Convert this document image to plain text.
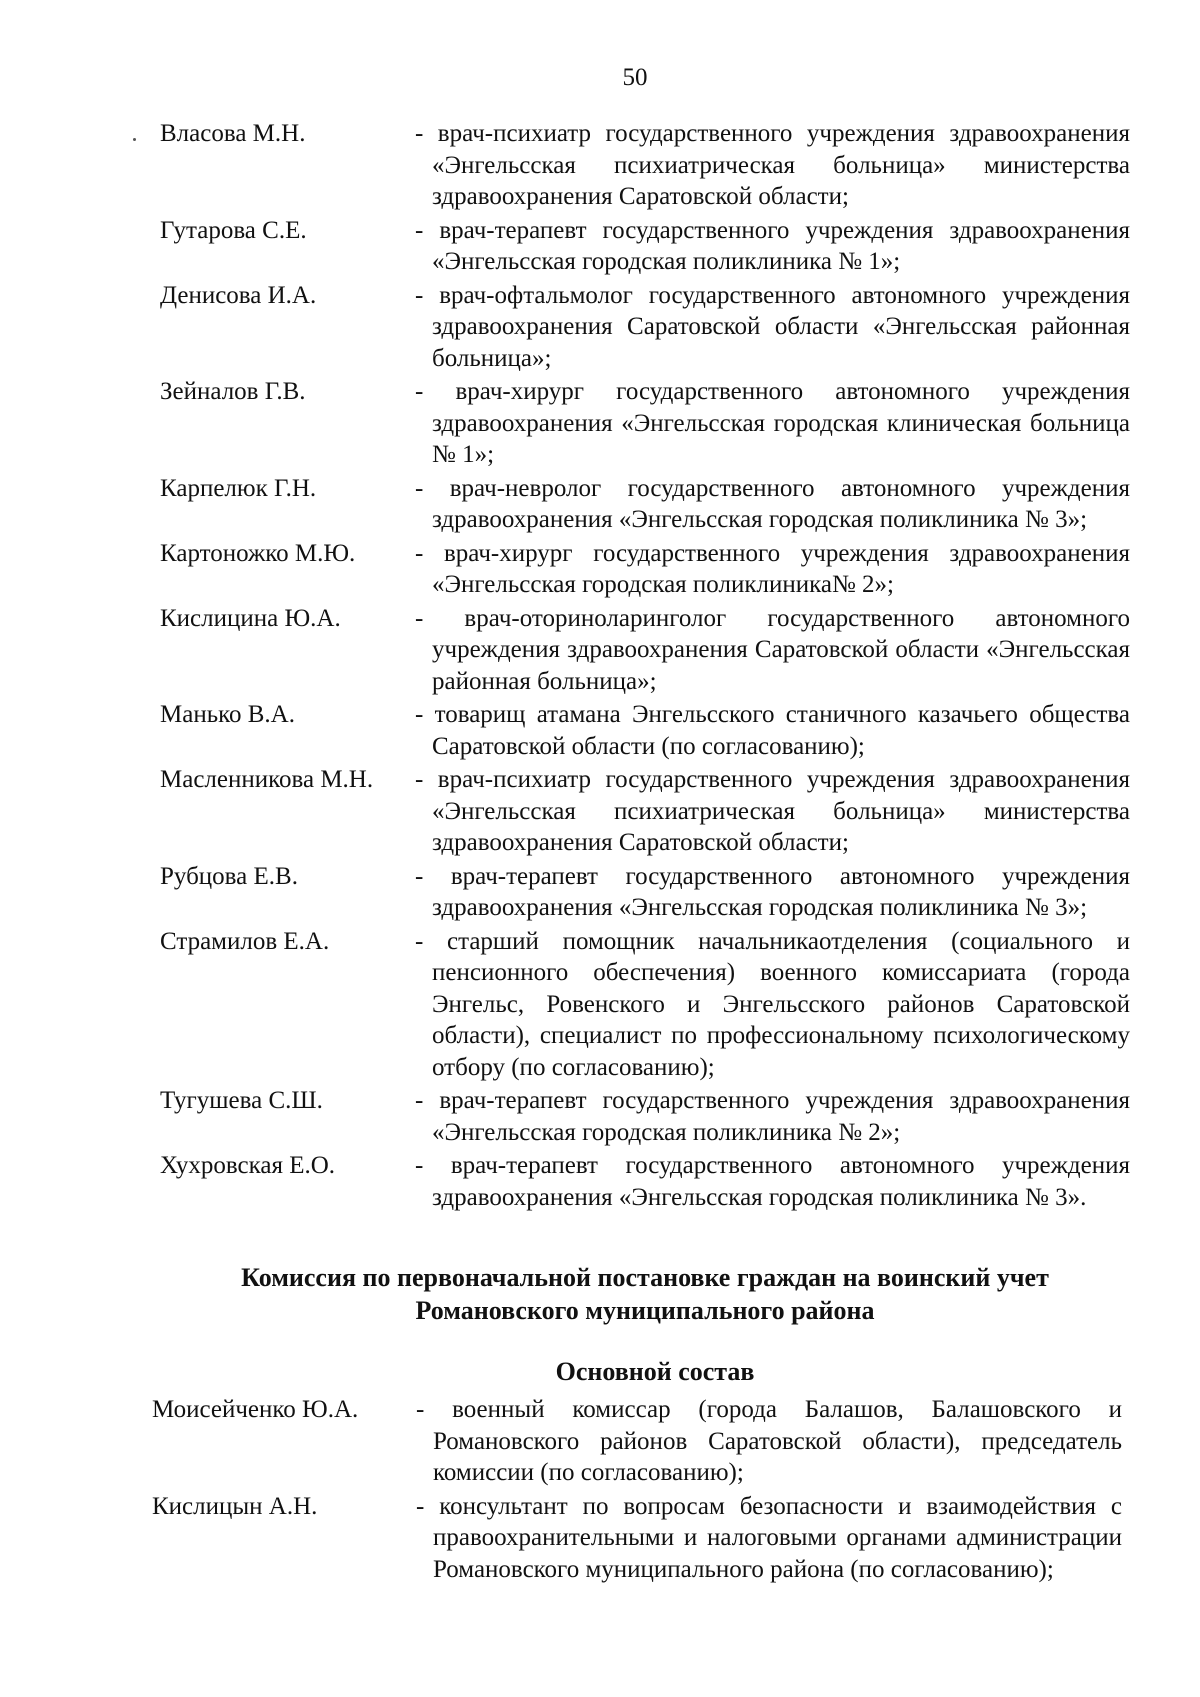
50
Власова М.Н.	- врач-психиатр государственного учреждения здравоохранения «Энгельсская психиатрическая больница» министерства здравоохранения Саратовской области;
Гутарова С.Е.	- врач-терапевт государственного учреждения здравоохранения «Энгельсская городская поликлиника № 1»;
Денисова И.А.	- врач-офтальмолог государственного автономного учреждения здравоохранения Саратовской области «Энгельсская районная больница»;
Зейналов Г.В.	- врач-хирург государственного автономного учреждения здравоохранения «Энгельсская городская клиническая больница № 1»;
Карпелюк Г.Н.	- врач-невролог государственного автономного учреждения здравоохранения «Энгельсская городская поликлиника № 3»;
Картоножко М.Ю.	- врач-хирург государственного учреждения здравоохранения «Энгельсская городская поликлиника№ 2»;
Кислицина Ю.А.	- врач-оториноларинголог государственного автономного учреждения здравоохранения Саратовской области «Энгельсская районная больница»;
Манько В.А.	- товарищ атамана Энгельсского станичного казачьего общества Саратовской области (по согласованию);
Масленникова М.Н.	- врач-психиатр государственного учреждения здравоохранения «Энгельсская психиатрическая больница» министерства здравоохранения Саратовской области;
Рубцова Е.В.	- врач-терапевт государственного автономного учреждения здравоохранения «Энгельсская городская поликлиника № 3»;
Страмилов Е.А.	- старший помощник начальникаотделения (социального и пенсионного обеспечения) военного комиссариата (города Энгельс, Ровенского и Энгельсского районов Саратовской области), специалист по профессиональному психологическому отбору (по согласованию);
Тугушева С.Ш.	- врач-терапевт государственного учреждения здравоохранения «Энгельсская городская поликлиника № 2»;
Хухровская Е.О.	- врач-терапевт государственного автономного учреждения здравоохранения «Энгельсская городская поликлиника № 3».
Комиссия по первоначальной постановке граждан на воинский учет
Романовского муниципального района
Основной состав
Моисейченко Ю.А.	- военный комиссар (города Балашов, Балашовского и Романовского районов Саратовской области), председатель комиссии (по согласованию);
Кислицын А.Н.	- консультант по вопросам безопасности и взаимодействия с правоохранительными и налоговыми органами администрации Романовского муниципального района (по согласованию);
